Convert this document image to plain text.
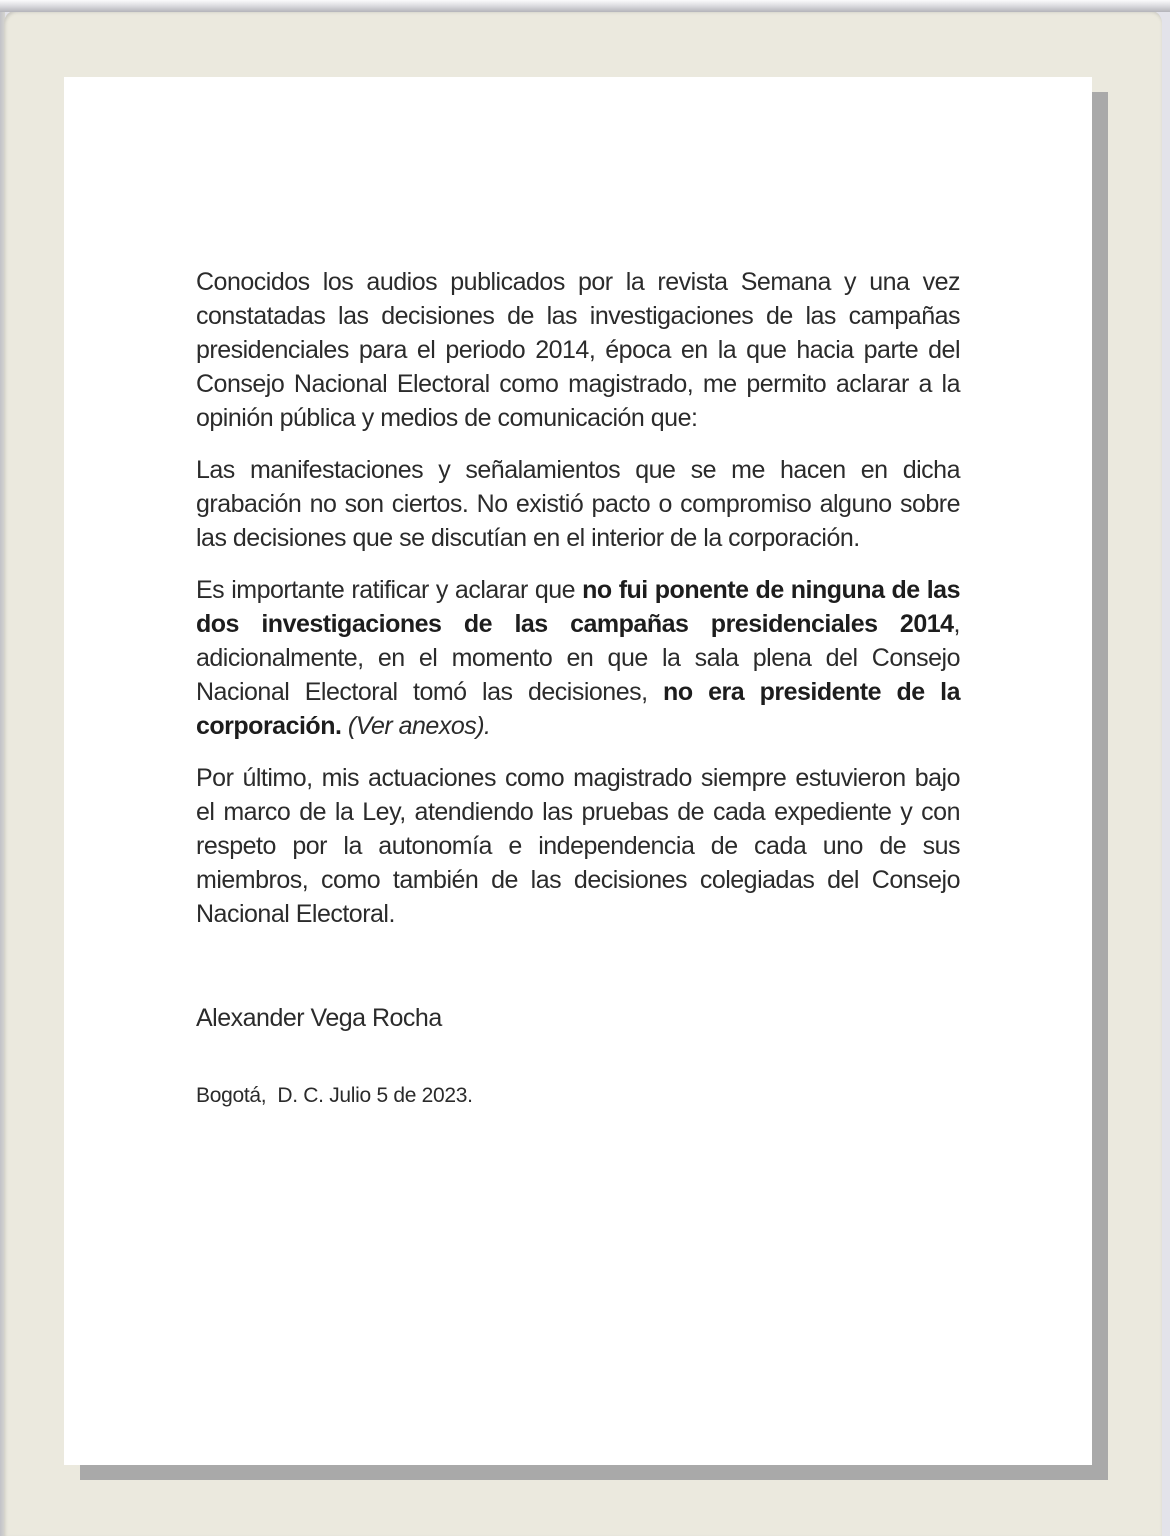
Conocidos los audios publicados por la revista Semana y una vez constatadas las decisiones de las investigaciones de las campañas presidenciales para el periodo 2014, época en la que hacia parte del Consejo Nacional Electoral como magistrado, me permito aclarar a la opinión pública y medios de comunicación que:

Las manifestaciones y señalamientos que se me hacen en dicha grabación no son ciertos. No existió pacto o compromiso alguno sobre las decisiones que se discutían en el interior de la corporación.

Es importante ratificar y aclarar que no fui ponente de ninguna de las dos investigaciones de las campañas presidenciales 2014, adicionalmente, en el momento en que la sala plena del Consejo Nacional Electoral tomó las decisiones, no era presidente de la corporación. (Ver anexos).

Por último, mis actuaciones como magistrado siempre estuvieron bajo el marco de la Ley, atendiendo las pruebas de cada expediente y con respeto por la autonomía e independencia de cada uno de sus miembros, como también de las decisiones colegiadas del Consejo Nacional Electoral.

Alexander Vega Rocha

Bogotá,  D. C. Julio 5 de 2023.
